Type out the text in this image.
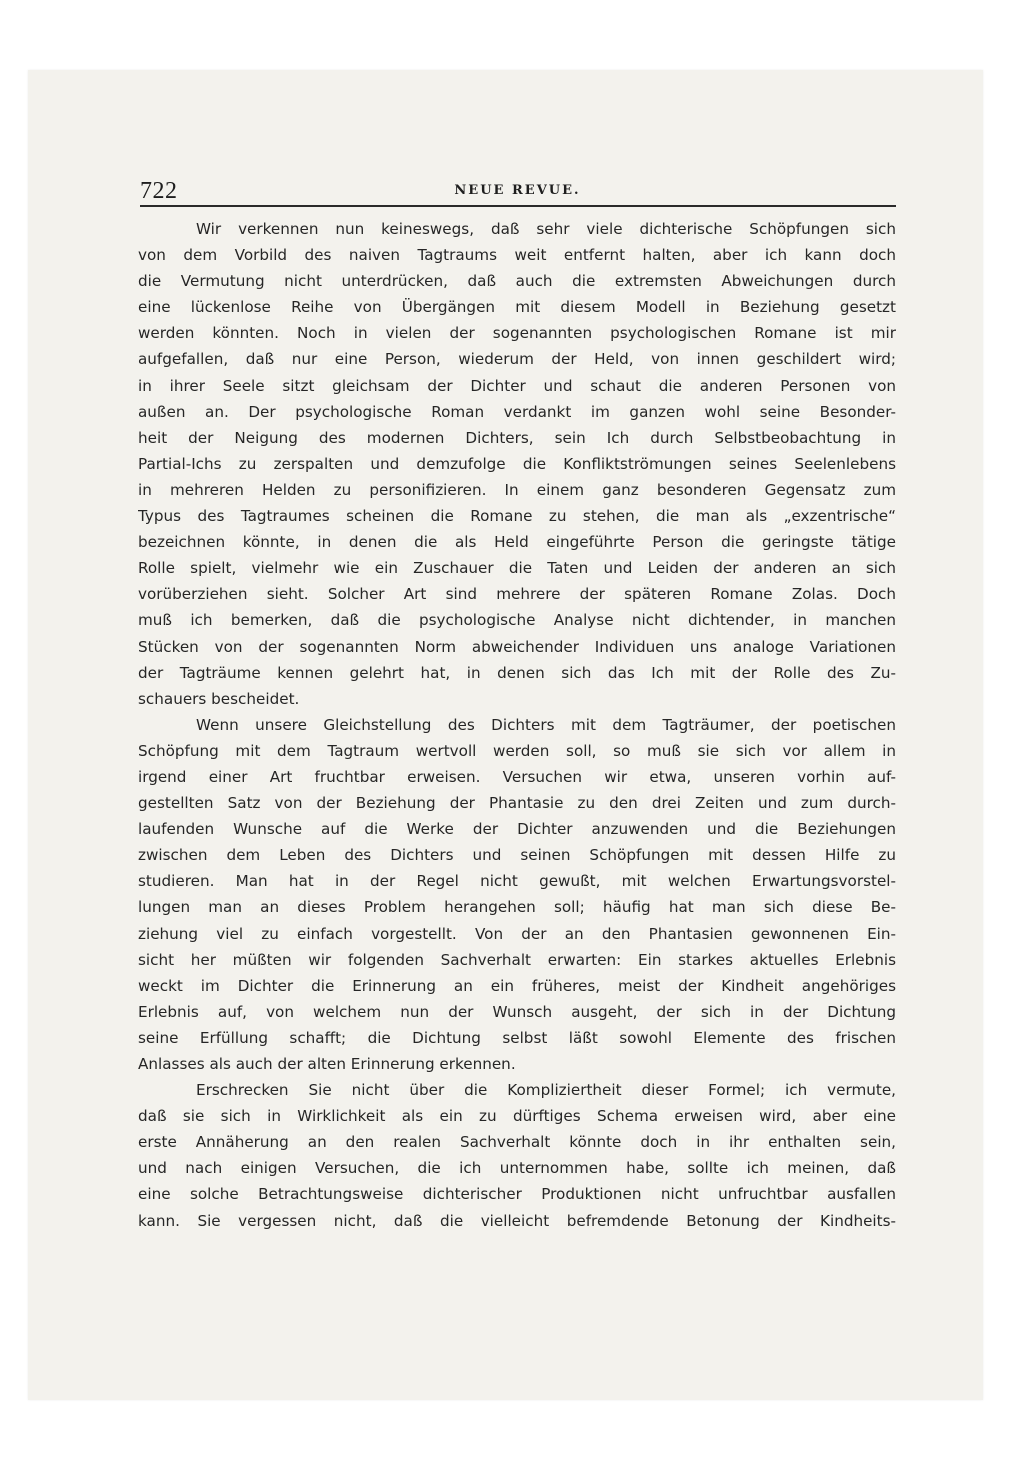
722	NEUE REVUE.
Wir verkennen nun keineswegs, daß sehr viele dichterische Schöpfungen sich
von dem Vorbild des naiven Tagtraums weit entfernt halten, aber ich kann doch
die Vermutung nicht unterdrücken, daß auch die extremsten Abweichungen durch
eine lückenlose Reihe von Übergängen mit diesem Modell in Beziehung gesetzt
werden könnten. Noch in vielen der sogenannten psychologischen Romane ist mir
aufgefallen, daß nur eine Person, wiederum der Held, von innen geschildert wird;
in ihrer Seele sitzt gleichsam der Dichter und schaut die anderen Personen von
außen an. Der psychologische Roman verdankt im ganzen wohl seine Besonder-
heit der Neigung des modernen Dichters, sein Ich durch Selbstbeobachtung in
Partial-Ichs zu zerspalten und demzufolge die Konfliktströmungen seines Seelenlebens
in mehreren Helden zu personifizieren. In einem ganz besonderen Gegensatz zum
Typus des Tagtraumes scheinen die Romane zu stehen, die man als „exzentrische“
bezeichnen könnte, in denen die als Held eingeführte Person die geringste tätige
Rolle spielt, vielmehr wie ein Zuschauer die Taten und Leiden der anderen an sich
vorüberziehen sieht. Solcher Art sind mehrere der späteren Romane Zolas. Doch
muß ich bemerken, daß die psychologische Analyse nicht dichtender, in manchen
Stücken von der sogenannten Norm abweichender Individuen uns analoge Variationen
der Tagträume kennen gelehrt hat, in denen sich das Ich mit der Rolle des Zu-
schauers bescheidet.
Wenn unsere Gleichstellung des Dichters mit dem Tagträumer, der poetischen
Schöpfung mit dem Tagtraum wertvoll werden soll, so muß sie sich vor allem in
irgend einer Art fruchtbar erweisen. Versuchen wir etwa, unseren vorhin auf-
gestellten Satz von der Beziehung der Phantasie zu den drei Zeiten und zum durch-
laufenden Wunsche auf die Werke der Dichter anzuwenden und die Beziehungen
zwischen dem Leben des Dichters und seinen Schöpfungen mit dessen Hilfe zu
studieren. Man hat in der Regel nicht gewußt, mit welchen Erwartungsvorstel-
lungen man an dieses Problem herangehen soll; häufig hat man sich diese Be-
ziehung viel zu einfach vorgestellt. Von der an den Phantasien gewonnenen Ein-
sicht her müßten wir folgenden Sachverhalt erwarten: Ein starkes aktuelles Erlebnis
weckt im Dichter die Erinnerung an ein früheres, meist der Kindheit angehöriges
Erlebnis auf, von welchem nun der Wunsch ausgeht, der sich in der Dichtung
seine Erfüllung schafft; die Dichtung selbst läßt sowohl Elemente des frischen
Anlasses als auch der alten Erinnerung erkennen.
Erschrecken Sie nicht über die Kompliziertheit dieser Formel; ich vermute,
daß sie sich in Wirklichkeit als ein zu dürftiges Schema erweisen wird, aber eine
erste Annäherung an den realen Sachverhalt könnte doch in ihr enthalten sein,
und nach einigen Versuchen, die ich unternommen habe, sollte ich meinen, daß
eine solche Betrachtungsweise dichterischer Produktionen nicht unfruchtbar ausfallen
kann. Sie vergessen nicht, daß die vielleicht befremdende Betonung der Kindheits-
